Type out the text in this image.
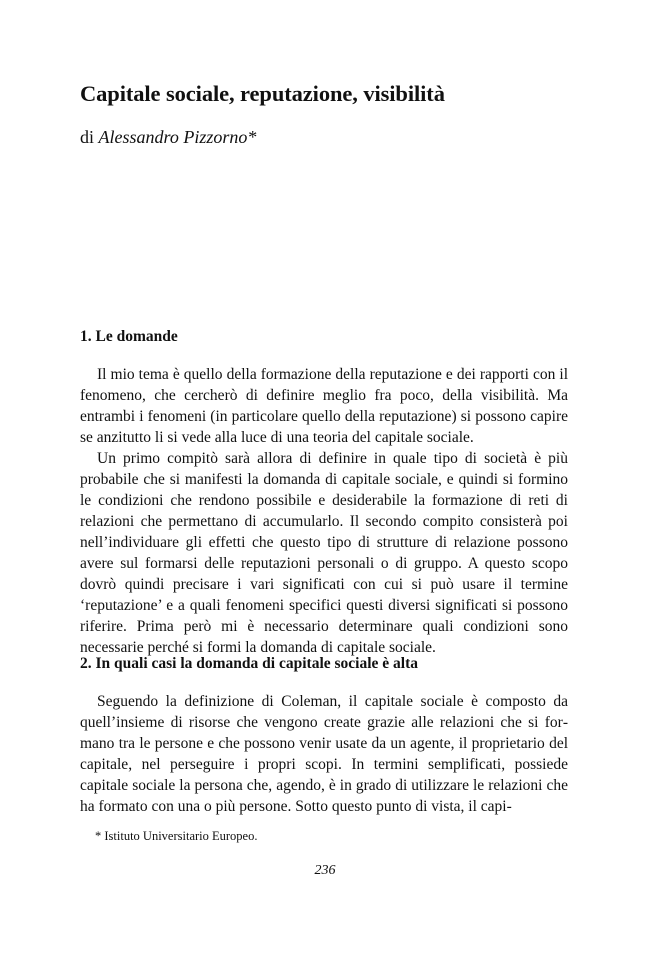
Capitale sociale, reputazione, visibilità

di Alessandro Pizzorno*

1. Le domande

Il mio tema è quello della formazione della reputazione e dei rapporti con il fenomeno, che cercherò di definire meglio fra poco, della visibilità. Ma entrambi i fenomeni (in particolare quello della reputazione) si possono capire se anzitutto li si vede alla luce di una teoria del capitale sociale.

Un primo compitò sarà allora di definire in quale tipo di società è più probabile che si manifesti la domanda di capitale sociale, e quindi si formino le condizioni che rendono possibile e desiderabile la formazione di reti di relazioni che permettano di accumularlo. Il secondo compito consisterà poi nell’individuare gli effetti che questo tipo di strutture di relazione possono avere sul formarsi delle reputazioni personali o di gruppo. A questo scopo dovrò quindi precisare i vari significati con cui si può usare il termine ‘reputazione’ e a quali fenomeni specifici questi diversi significati si possono riferire. Prima però mi è necessario determinare quali condizioni sono necessarie perché si formi la domanda di capitale sociale.

2. In quali casi la domanda di capitale sociale è alta

Seguendo la definizione di Coleman, il capitale sociale è composto da quell’insieme di risorse che vengono create grazie alle relazioni che si formano tra le persone e che possono venir usate da un agente, il proprietario del capitale, nel perseguire i propri scopi. In termini semplificati, possiede capitale sociale la persona che, agendo, è in grado di utilizzare le relazioni che ha formato con una o più persone. Sotto questo punto di vista, il capi-

* Istituto Universitario Europeo.

236
